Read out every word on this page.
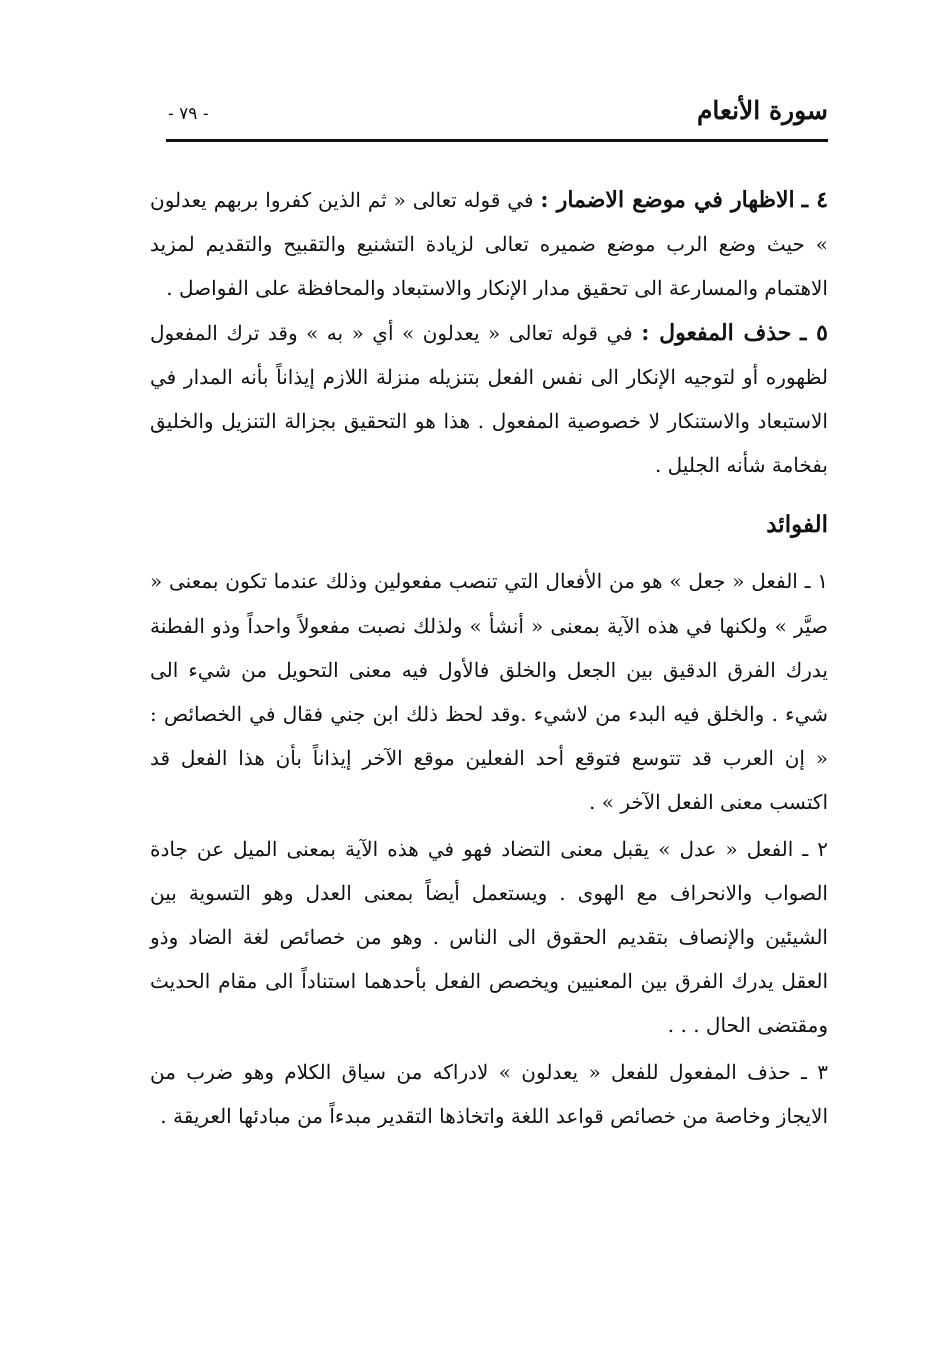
سورة الأنعام
- ٧٩ -

٤ ـ الاظهار في موضع الاضمار : في قوله تعالى « ثم الذين كفروا بربهم يعدلون » حيث وضع الرب موضع ضميره تعالى لزيادة التشنيع والتقبيح والتقديم لمزيد الاهتمام والمسارعة الى تحقيق مدار الإنكار والاستبعاد والمحافظة على الفواصل .

٥ ـ حذف المفعول : في قوله تعالى « يعدلون » أي « به » وقد ترك المفعول لظهوره أو لتوجيه الإنكار الى نفس الفعل بتنزيله منزلة اللازم إيذاناً بأنه المدار في الاستبعاد والاستنكار لا خصوصية المفعول . هذا هو التحقيق بجزالة التنزيل والخليق بفخامة شأنه الجليل .

الفوائد

١ ـ الفعل « جعل » هو من الأفعال التي تنصب مفعولين وذلك عندما تكون بمعنى « صيَّر » ولكنها في هذه الآية بمعنى « أنشأ » ولذلك نصبت مفعولاً واحداً وذو الفطنة يدرك الفرق الدقيق بين الجعل والخلق فالأول فيه معنى التحويل من شيء الى شيء . والخلق فيه البدء من لاشيء .وقد لحظ ذلك ابن جني فقال في الخصائص : « إن العرب قد تتوسع فتوقع أحد الفعلين موقع الآخر إيذاناً بأن هذا الفعل قد اكتسب معنى الفعل الآخر » .

٢ ـ الفعل « عدل » يقبل معنى التضاد فهو في هذه الآية بمعنى الميل عن جادة الصواب والانحراف مع الهوى . ويستعمل أيضاً بمعنى العدل وهو التسوية بين الشيئين والإنصاف بتقديم الحقوق الى الناس . وهو من خصائص لغة الضاد وذو العقل يدرك الفرق بين المعنيين ويخصص الفعل بأحدهما استناداً الى مقام الحديث ومقتضى الحال . . .

٣ ـ حذف المفعول للفعل « يعدلون » لادراكه من سياق الكلام وهو ضرب من الايجاز وخاصة من خصائص قواعد اللغة واتخاذها التقدير مبدءاً من مبادئها العريقة .
